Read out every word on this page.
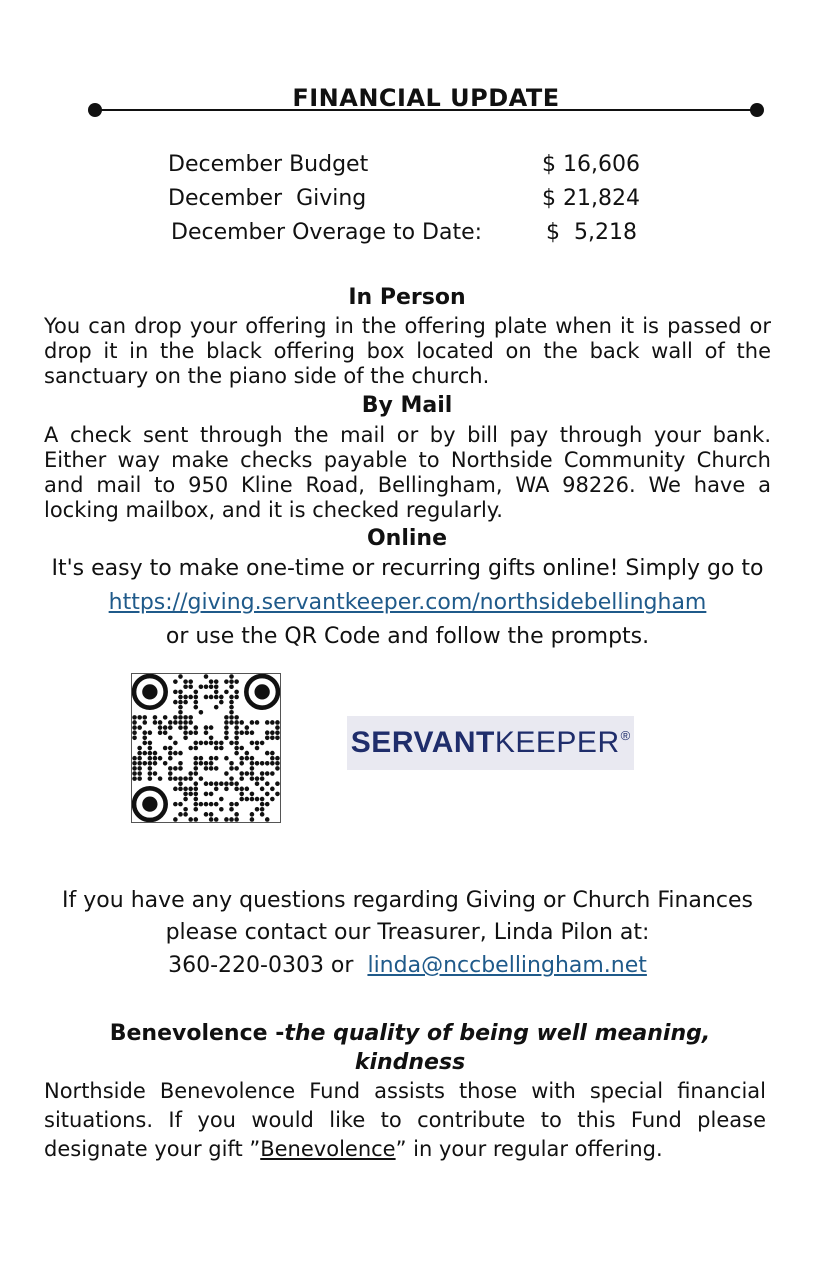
FINANCIAL UPDATE
December Budget	$ 16,606
December  Giving	$ 21,824
December Overage to Date:	$  5,218
In Person
You can drop your offering in the offering plate when it is passed or drop it in the black offering box located on the back wall of the sanctuary on the piano side of the church.
By Mail
A check sent through the mail or by bill pay through your bank. Either way make checks payable to Northside Community Church and mail to 950 Kline Road, Bellingham, WA 98226. We have a locking mailbox, and it is checked regularly.
Online
It's easy to make one-time or recurring gifts online! Simply go to
https://giving.servantkeeper.com/northsidebellingham
or use the QR Code and follow the prompts.
SERVANT KEEPER ®
If you have any questions regarding Giving or Church Finances
please contact our Treasurer, Linda Pilon at:
360-220-0303 or linda@nccbellingham.net
Benevolence -the quality of being well meaning, kindness
Northside Benevolence Fund assists those with special financial situations. If you would like to contribute to this Fund please designate your gift ”Benevolence” in your regular offering.
